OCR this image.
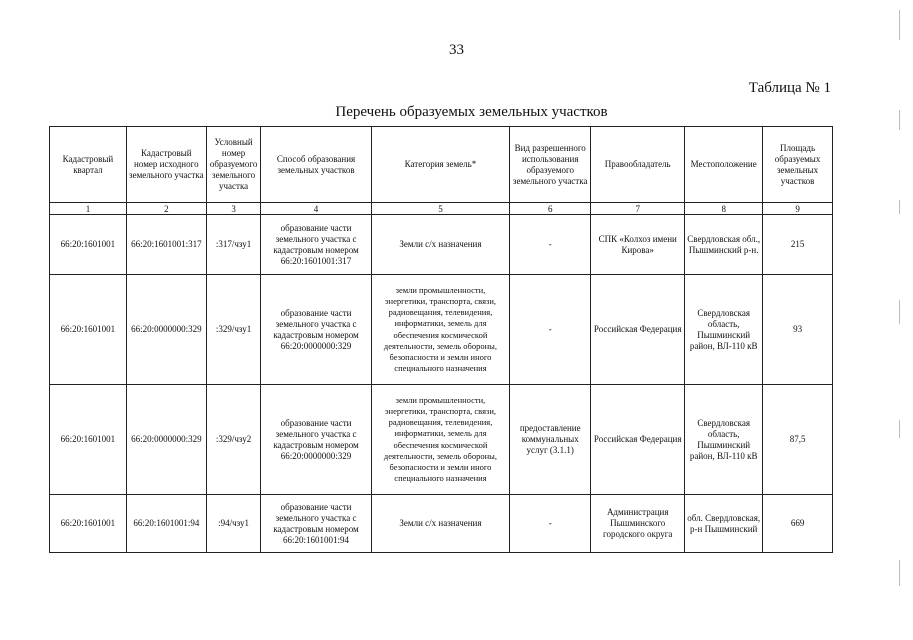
33
Таблица № 1
Перечень образуемых земельных участков
Кадастровый квартал	Кадастровый номер исходного земельного участка	Условный номер образуемого земельного участка	Способ образования земельных участков	Категория земель*	Вид разрешенного использования образуемого земельного участка	Правообладатель	Местоположение	Площадь образуемых земельных участков
1	2	3	4	5	6	7	8	9
66:20:1601001	66:20:1601001:317	:317/чзу1	образование части земельного участка с кадастровым номером 66:20:1601001:317	Земли с/х назначения	-	СПК «Колхоз имени Кирова»	Свердловская обл., Пышминский р-н.	215
66:20:1601001	66:20:0000000:329	:329/чзу1	образование части земельного участка с кадастровым номером 66:20:0000000:329	земли промышленности, энергетики, транспорта, связи, радиовещания, телевидения, информатики, земель для обеспечения космической деятельности, земель обороны, безопасности и земли иного специального назначения	-	Российская Федерация	Свердловская область, Пышминский район, ВЛ-110 кВ	93
66:20:1601001	66:20:0000000:329	:329/чзу2	образование части земельного участка с кадастровым номером 66:20:0000000:329	земли промышленности, энергетики, транспорта, связи, радиовещания, телевидения, информатики, земель для обеспечения космической деятельности, земель обороны, безопасности и земли иного специального назначения	предоставление коммунальных услуг (3.1.1)	Российская Федерация	Свердловская область, Пышминский район, ВЛ-110 кВ	87,5
66:20:1601001	66:20:1601001:94	:94/чзу1	образование части земельного участка с кадастровым номером 66:20:1601001:94	Земли с/х назначения	-	Администрация Пышминского городского округа	обл. Свердловская, р-н Пышминский	669
